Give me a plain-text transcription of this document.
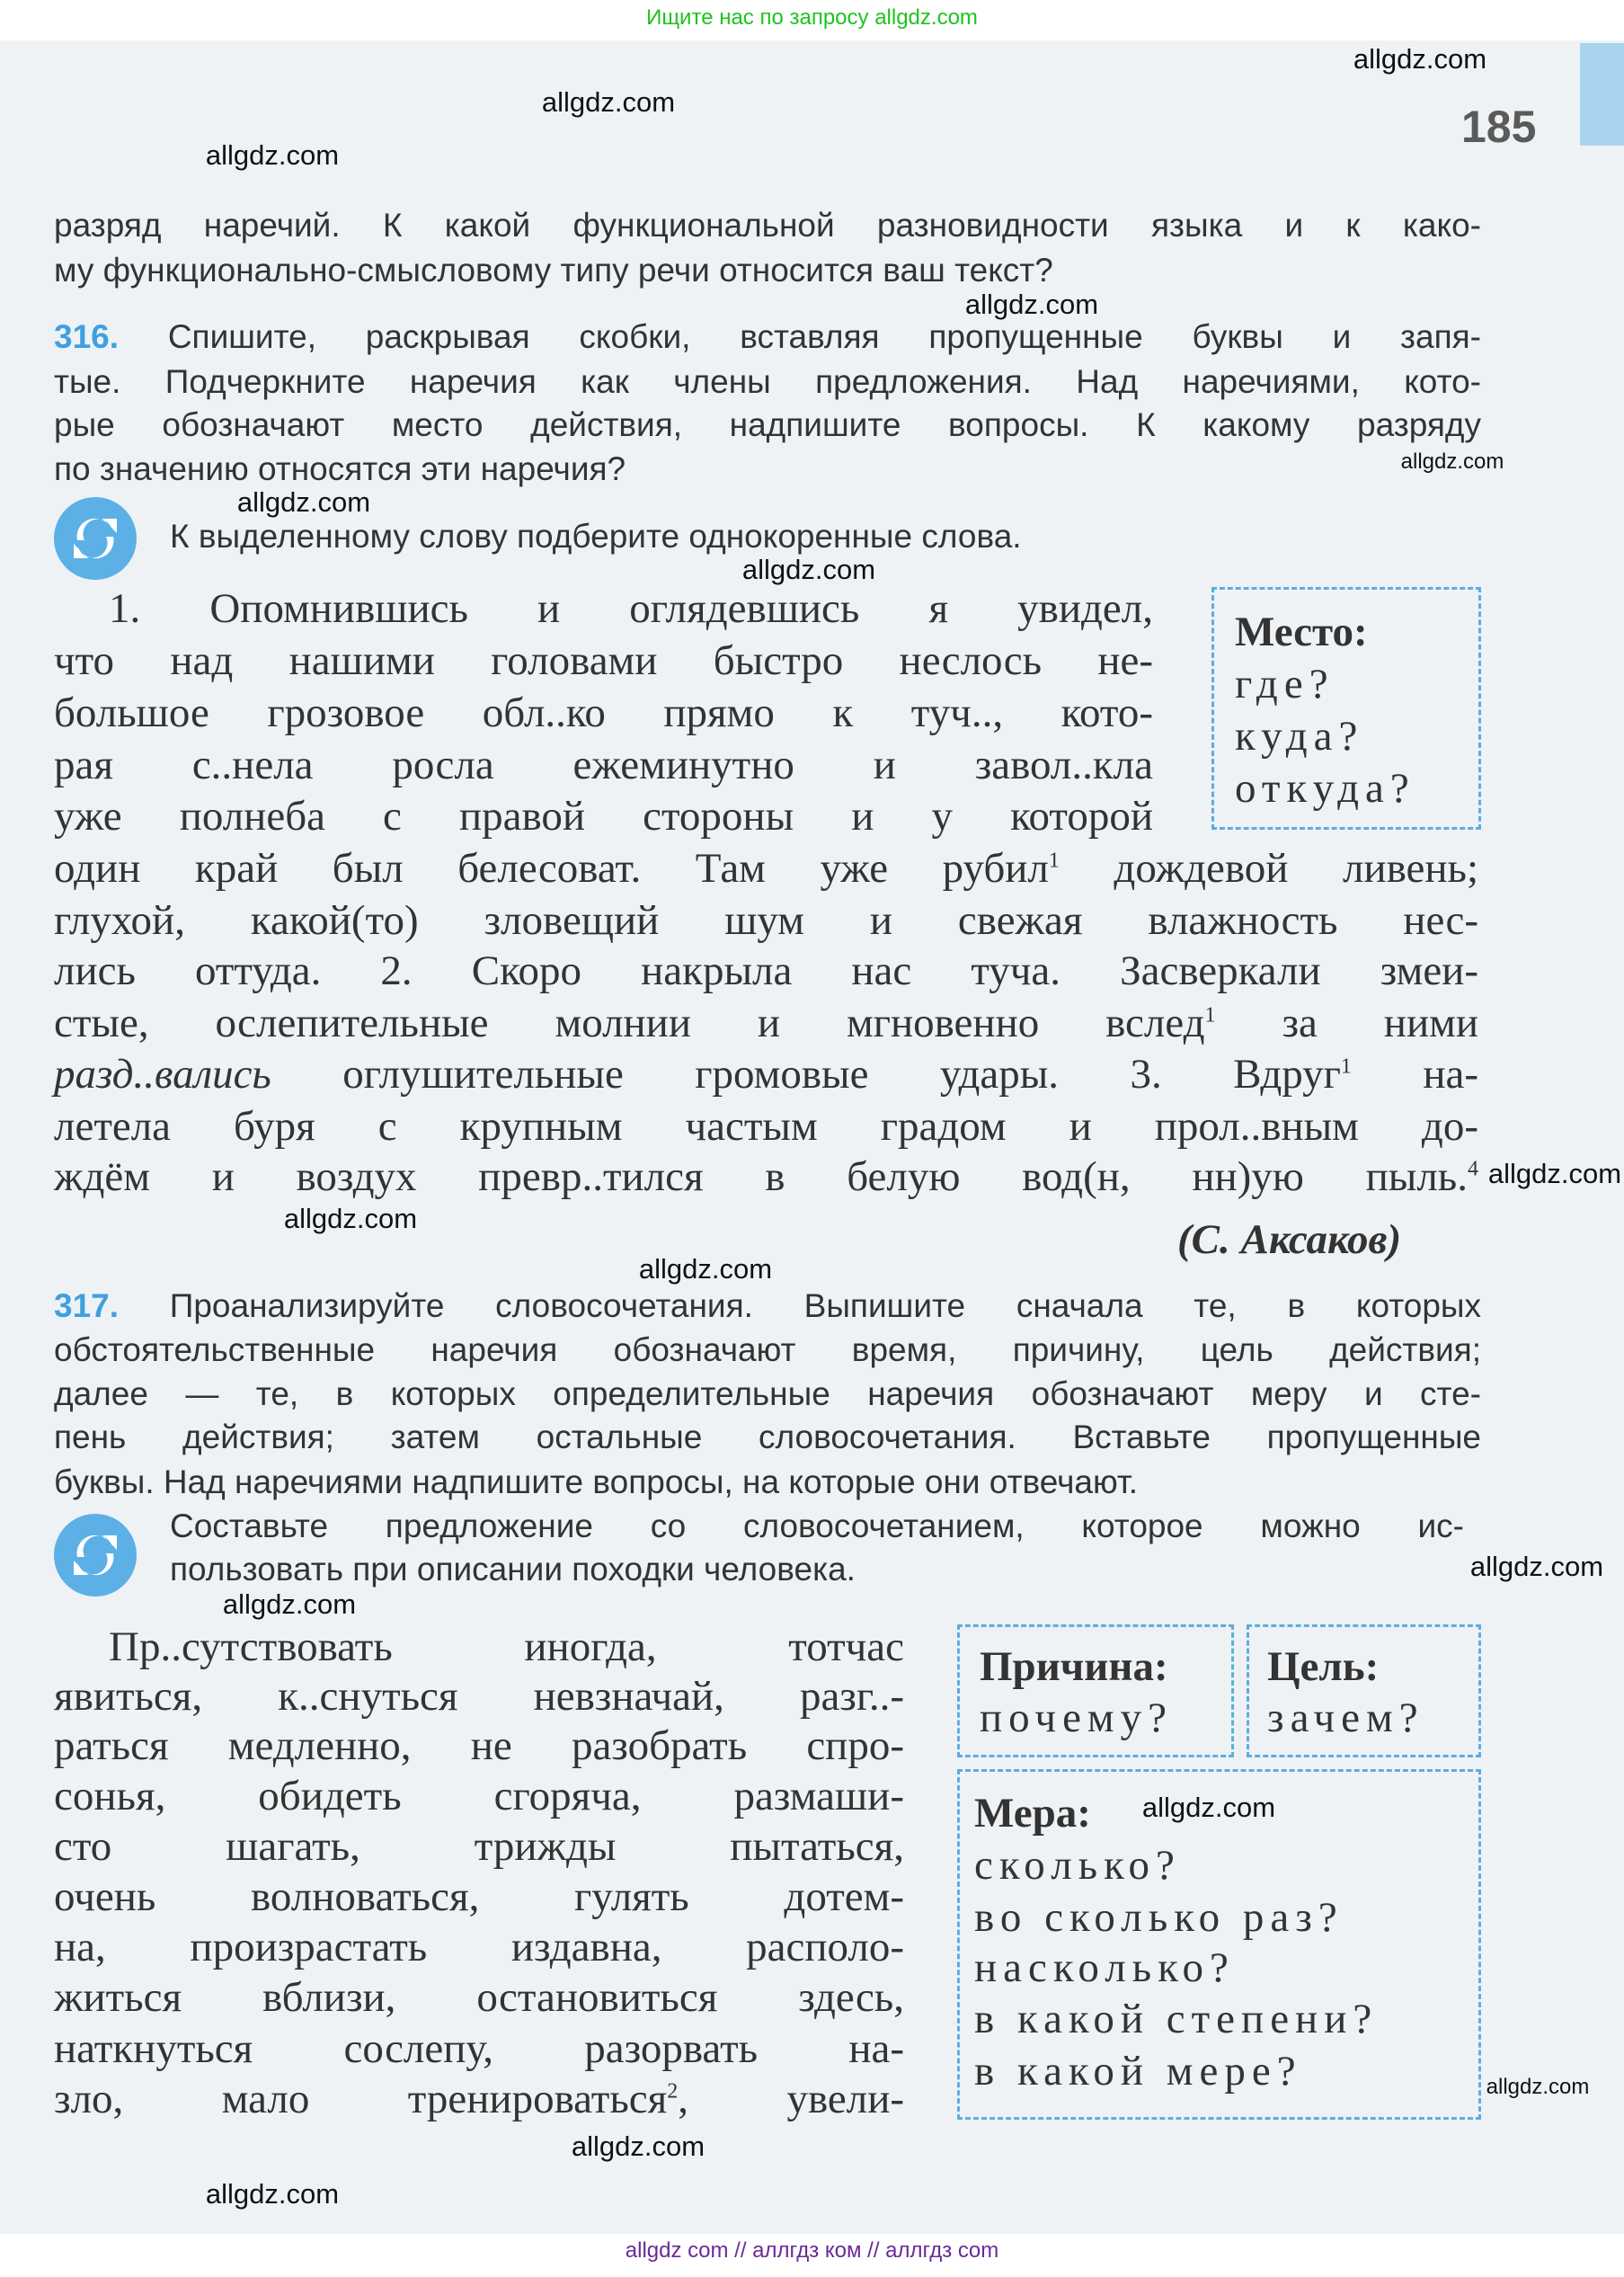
Ищите нас по запросу allgdz.com
185
разряд наречий. К какой функциональной разновидности языка и к како-
му функционально-смысловому типу речи относится ваш текст?
316. Спишите, раскрывая скобки, вставляя пропущенные буквы и запя-
тые. Подчеркните наречия как члены предложения. Над наречиями, кото-
рые обозначают место действия, надпишите вопросы. К какому разряду
по значению относятся эти наречия?
К выделенному слову подберите однокоренные слова.
1. Опомнившись и оглядевшись я увидел,
что над нашими головами быстро неслось не-
большое грозовое обл..ко прямо к туч.., кото-
рая с..нела росла ежеминутно и завол..кла
уже полнеба с правой стороны и у которой
один край был белесоват. Там уже рубил$^1$ дождевой ливень;
глухой, какой(то) зловещий шум и свежая влажность нес-
лись оттуда. 2. Скоро накрыла нас туча. Засверкали змеи-
стые, ослепительные молнии и мгновенно вслед$^1$ за ними
разд..вались оглушительные громовые удары. 3. Вдруг$^1$ на-
летела буря с крупным частым градом и прол..вным до-
ждём и воздух превр..тился в белую вод(н, нн)ую пыль.$^4$
(С. Аксаков)
Место:
где?
куда?
откуда?
317. Проанализируйте словосочетания. Выпишите сначала те, в которых
обстоятельственные наречия обозначают время, причину, цель действия;
далее — те, в которых определительные наречия обозначают меру и сте-
пень действия; затем остальные словосочетания. Вставьте пропущенные
буквы. Над наречиями надпишите вопросы, на которые они отвечают.
Составьте предложение со словосочетанием, которое можно ис-
пользовать при описании походки человека.
Пр..сутствовать иногда, тотчас
явиться, к..снуться невзначай, разг..-
раться медленно, не разобрать спро-
сонья, обидеть сгоряча, размаши-
сто шагать, трижды пытаться,
очень волноваться, гулять дотем-
на, произрастать издавна, располо-
житься вблизи, остановиться здесь,
наткнуться сослепу, разорвать на-
зло, мало тренироваться$^2$, увели-
Причина:
почему?
Цель:
зачем?
Мера:
сколько?
во сколько раз?
насколько?
в какой степени?
в какой мере?
allgdz.com
allgdz.com
allgdz.com
allgdz.com
allgdz.com
allgdz.com
allgdz.com
allgdz.com
allgdz.com
allgdz.com
allgdz.com
allgdz.com
allgdz.com
allgdz.com
allgdz.com
allgdz.com
allgdz com // аллгдз ком // аллгдз com
